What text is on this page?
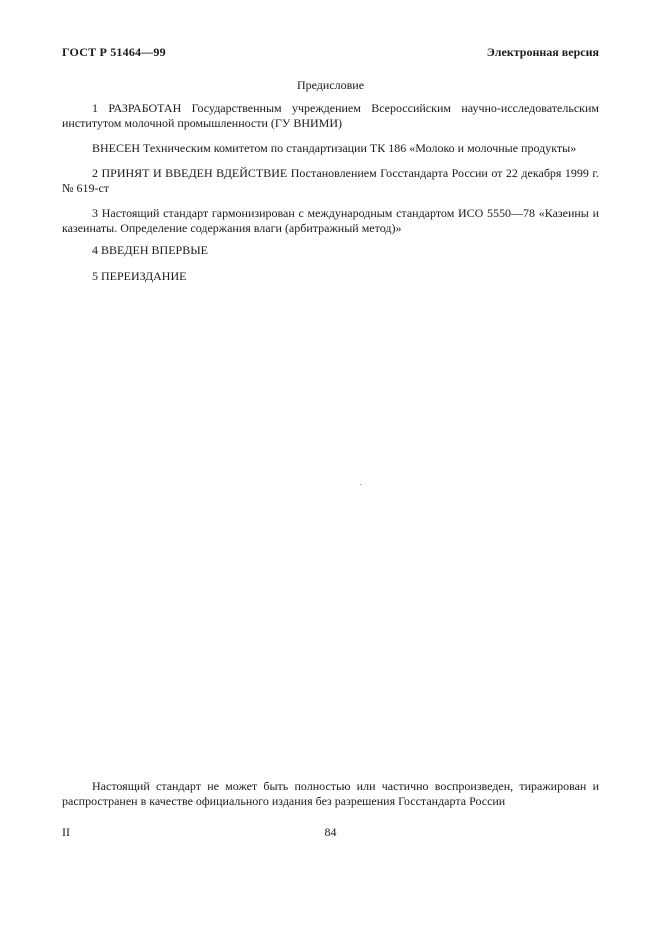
ГОСТ Р 51464—99	Электронная версия
Предисловие
1 РАЗРАБОТАН Государственным учреждением Всероссийским научно-исследовательским институтом молочной промышленности (ГУ ВНИМИ)
ВНЕСЕН Техническим комитетом по стандартизации ТК 186 «Молоко и молочные продукты»
2 ПРИНЯТ И ВВЕДЕН ВДЕЙСТВИЕ Постановлением Госстандарта России от 22 декабря 1999 г. № 619-ст
3 Настоящий стандарт гармонизирован с международным стандартом ИСО 5550—78 «Казеины и казеинаты. Определение содержания влаги (арбитражный метод)»
4 ВВЕДЕН ВПЕРВЫЕ
5 ПЕРЕИЗДАНИЕ
Настоящий стандарт не может быть полностью или частично воспроизведен, тиражирован и распространен в качестве официального издания без разрешения Госстандарта России
II	84
